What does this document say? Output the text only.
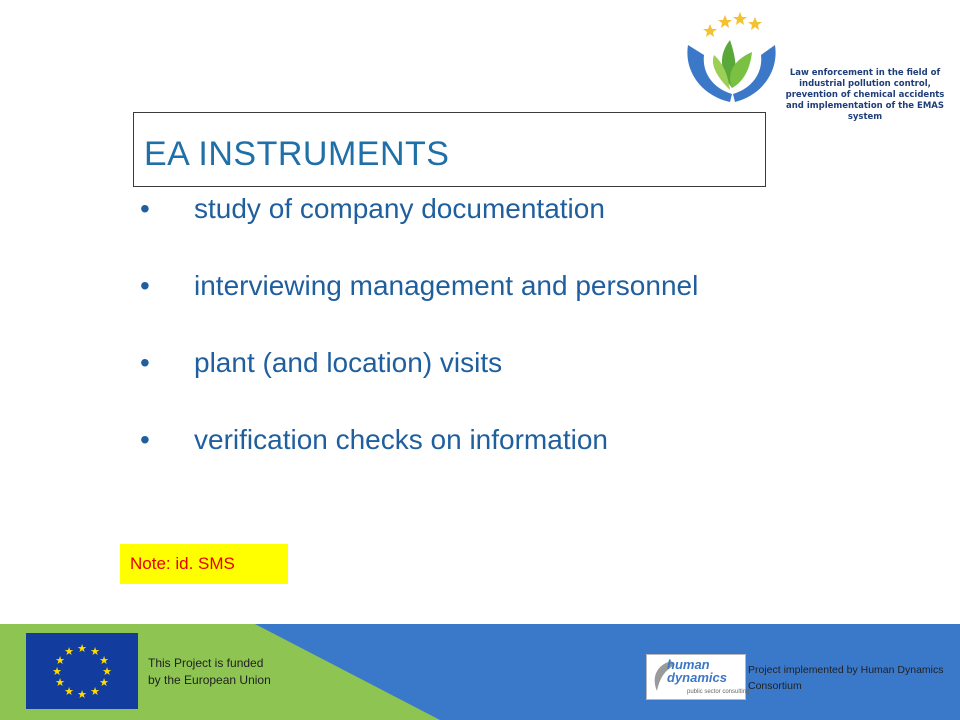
Law enforcement in the field of
industrial pollution control,
prevention of chemical accidents
and implementation of the EMAS system
EA INSTRUMENTS
• study of company documentation
• interviewing management and personnel
• plant (and location) visits
• verification checks on information
Note: id. SMS
★ ★
★
★
★
★
★
★
★
★
★
★
This Project is funded
by the European Union
human
dynamics
public sector consulting
Project implemented by Human Dynamics Consortium
